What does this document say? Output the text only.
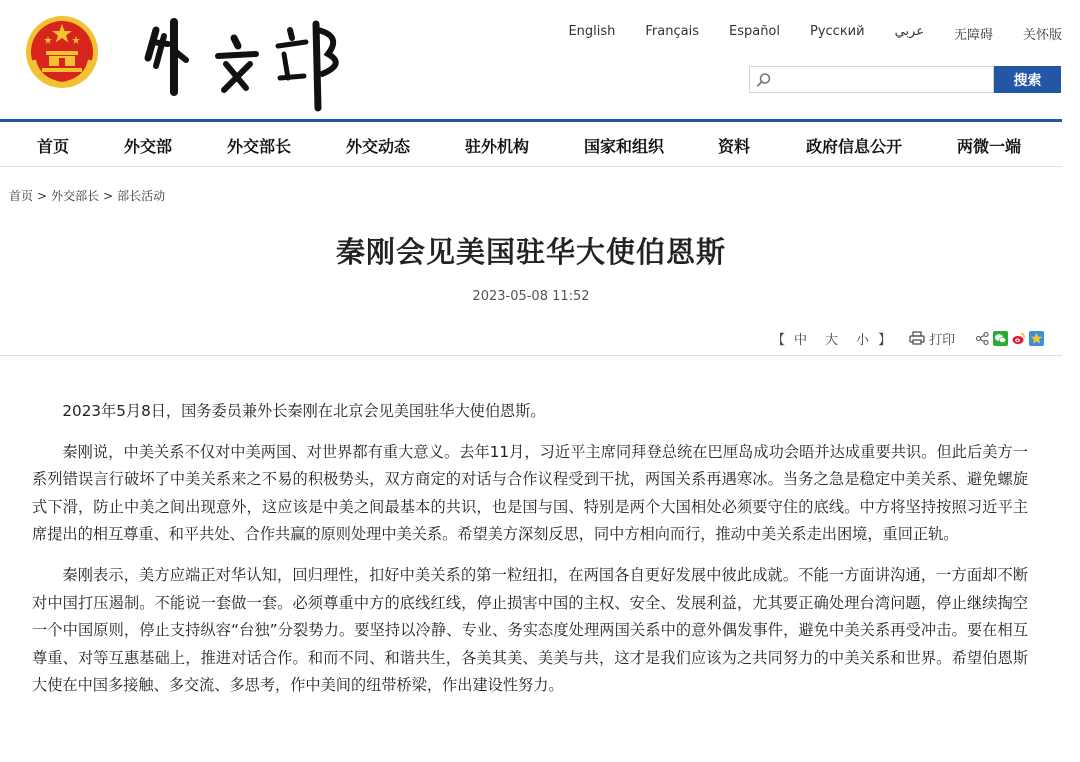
English Français Español Русский عربي 无障碍 关怀版
搜索
首页	外交部	外交部长	外交动态	驻外机构	国家和组织	资料	政府信息公开	两微一端
首页 > 外交部长 > 部长活动
秦刚会见美国驻华大使伯恩斯
2023-05-08 11:52
【 中 大 小 】	打印

2023年5月8日，国务委员兼外长秦刚在北京会见美国驻华大使伯恩斯。

秦刚说，中美关系不仅对中美两国、对世界都有重大意义。去年11月，习近平主席同拜登总统在巴厘岛成功会晤并达成重要共识。但此后美方一系列错误言行破坏了中美关系来之不易的积极势头，双方商定的对话与合作议程受到干扰，两国关系再遇寒冰。当务之急是稳定中美关系、避免螺旋式下滑，防止中美之间出现意外，这应该是中美之间最基本的共识，也是国与国、特别是两个大国相处必须要守住的底线。中方将坚持按照习近平主席提出的相互尊重、和平共处、合作共赢的原则处理中美关系。希望美方深刻反思，同中方相向而行，推动中美关系走出困境，重回正轨。

秦刚表示，美方应端正对华认知，回归理性，扣好中美关系的第一粒纽扣，在两国各自更好发展中彼此成就。不能一方面讲沟通，一方面却不断对中国打压遏制。不能说一套做一套。必须尊重中方的底线红线，停止损害中国的主权、安全、发展利益，尤其要正确处理台湾问题，停止继续掏空一个中国原则，停止支持纵容“台独”分裂势力。要坚持以冷静、专业、务实态度处理两国关系中的意外偶发事件，避免中美关系再受冲击。要在相互尊重、对等互惠基础上，推进对话合作。和而不同、和谐共生，各美其美、美美与共，这才是我们应该为之共同努力的中美关系和世界。希望伯恩斯大使在中国多接触、多交流、多思考，作中美间的纽带桥梁，作出建设性努力。
